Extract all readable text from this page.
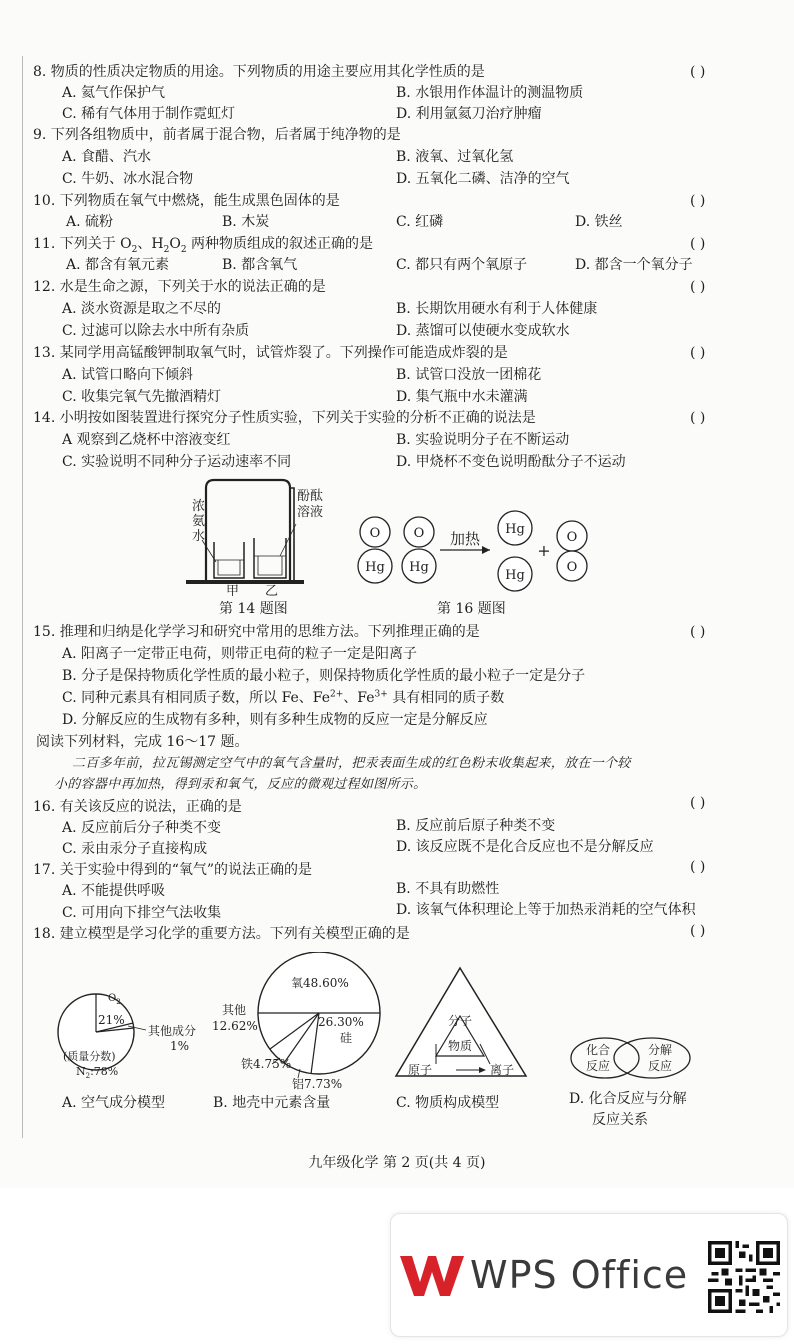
8. 物质的性质决定物质的用途。下列物质的用途主要应用其化学性质的是	( )
A. 氦气作保护气	B. 水银用作体温计的测温物质
C. 稀有气体用于制作霓虹灯	D. 利用氩氦刀治疗肿瘤
9. 下列各组物质中，前者属于混合物，后者属于纯净物的是
A. 食醋、汽水	B. 液氧、过氧化氢
C. 牛奶、冰水混合物	D. 五氧化二磷、洁净的空气
10. 下列物质在氧气中燃烧，能生成黑色固体的是	( )
A. 硫粉	B. 木炭	C. 红磷	D. 铁丝
11. 下列关于 $O_2$、$H_2O_2$ 两种物质组成的叙述正确的是	( )
A. 都含有氧元素	B. 都含氧气	C. 都只有两个氧原子	D. 都含一个氧分子
12. 水是生命之源，下列关于水的说法正确的是	( )
A. 淡水资源是取之不尽的	B. 长期饮用硬水有利于人体健康
C. 过滤可以除去水中所有杂质	D. 蒸馏可以使硬水变成软水
13. 某同学用高锰酸钾制取氧气时，试管炸裂了。下列操作可能造成炸裂的是	( )
A. 试管口略向下倾斜	B. 试管口没放一团棉花
C. 收集完氧气先撤酒精灯	D. 集气瓶中水未灌满
14. 小明按如图装置进行探究分子性质实验，下列关于实验的分析不正确的说法是	( )
A 观察到乙烧杯中溶液变红	B. 实验说明分子在不断运动
C. 实验说明不同种分子运动速率不同	D. 甲烧杯不变色说明酚酞分子不运动
浓
氨
水
酚酞
溶液
甲 乙
第 14 题图
O
Hg
O
Hg
Hg
Hg
O
O
加热
+
第 16 题图
15. 推理和归纳是化学学习和研究中常用的思维方法。下列推理正确的是	( )
A. 阳离子一定带正电荷，则带正电荷的粒子一定是阳离子
B. 分子是保持物质化学性质的最小粒子，则保持物质化学性质的最小粒子一定是分子
C. 同种元素具有相同质子数，所以 Fe、$Fe^{2+}$、$Fe^{3+}$ 具有相同的质子数
D. 分解反应的生成物有多种，则有多种生成物的反应一定是分解反应
阅读下列材料，完成 16～17 题。
二百多年前，拉瓦锡测定空气中的氧气含量时，把汞表面生成的红色粉末收集起来，放在一个较
小的容器中再加热，得到汞和氧气，反应的微观过程如图所示。
16. 有关该反应的说法，正确的是	( )
A. 反应前后分子种类不变	B. 反应前后原子种类不变
C. 汞由汞分子直接构成	D. 该反应既不是化合反应也不是分解反应
17. 关于实验中得到的“氧气”的说法正确的是	( )
A. 不能提供呼吸	B. 不具有助燃性
C. 可用向下排空气法收集	D. 该氧气体积理论上等于加热汞消耗的空气体积
18. 建立模型是学习化学的重要方法。下列有关模型正确的是	( )
$O_2$
21%
其他成分
1%
(质量分数)
$N_2:78\%$
A. 空气成分模型
氧48.60%
其他
12.62%	26.30%
硅
铁4.75%
铝7.73%
B. 地壳中元素含量
分子
物质
原子	离子
C. 物质构成模型
化合
反应
分解
反应
D. 化合反应与分解
反应关系
九年级化学 第 2 页(共 4 页)
WPS Office
